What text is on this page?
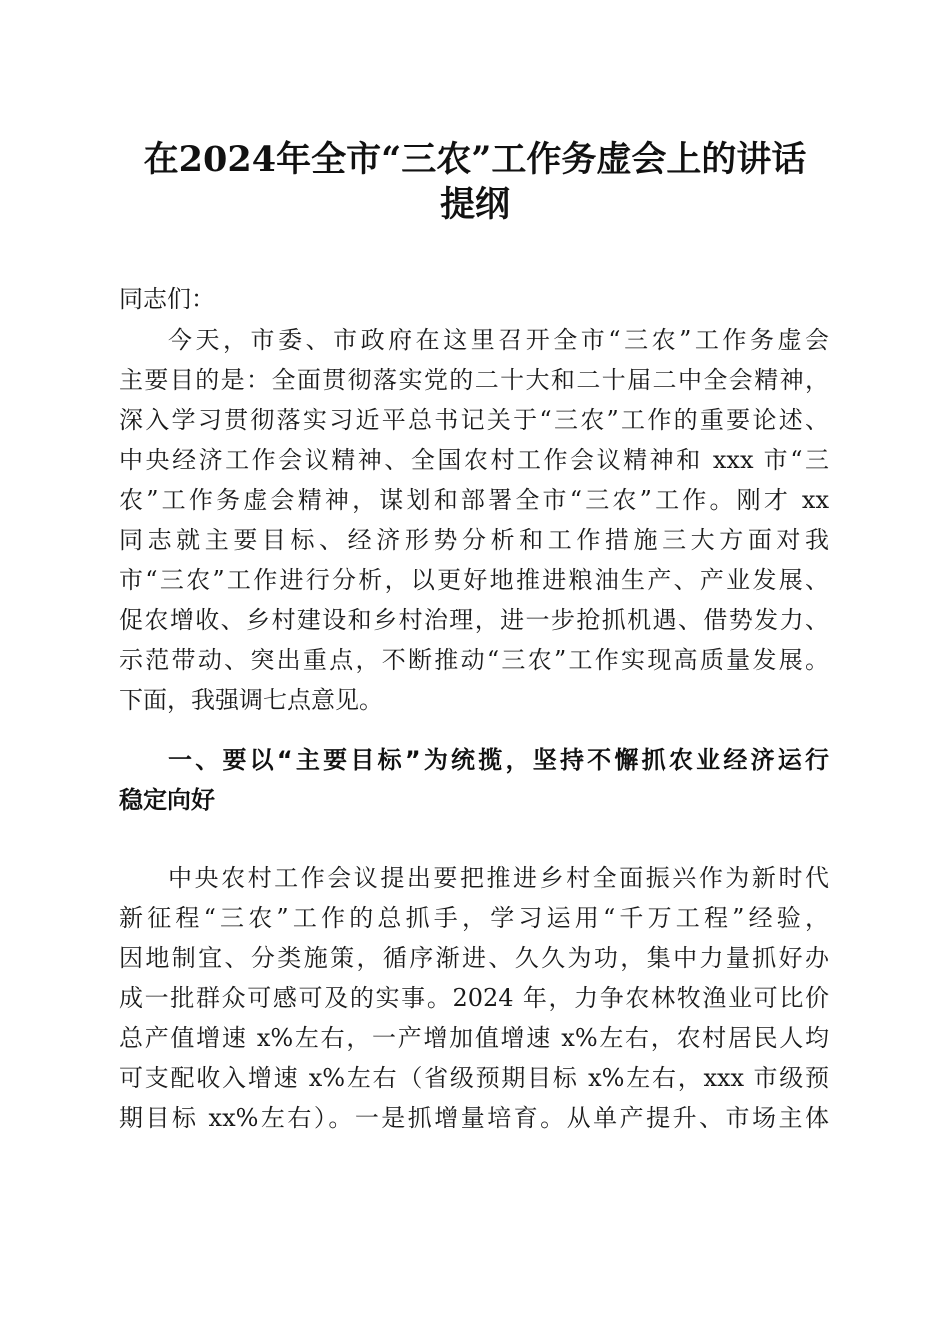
在2024年全市“三农”工作务虚会上的讲话
提纲
同志们：
今天，市委、市政府在这里召开全市“三农”工作务虚会
主要目的是：全面贯彻落实党的二十大和二十届二中全会精神，
深入学习贯彻落实习近平总书记关于“三农”工作的重要论述、
中央经济工作会议精神、全国农村工作会议精神和 xxx 市“三
农”工作务虚会精神，谋划和部署全市“三农”工作。刚才 xx
同志就主要目标、经济形势分析和工作措施三大方面对我
市“三农”工作进行分析，以更好地推进粮油生产、产业发展、
促农增收、乡村建设和乡村治理，进一步抢抓机遇、借势发力、
示范带动、突出重点，不断推动“三农”工作实现高质量发展。
下面，我强调七点意见。
一、要以“主要目标”为统揽，坚持不懈抓农业经济运行
稳定向好
中央农村工作会议提出要把推进乡村全面振兴作为新时代
新征程“三农”工作的总抓手，学习运用“千万工程”经验，
因地制宜、分类施策，循序渐进、久久为功，集中力量抓好办
成一批群众可感可及的实事。2024 年，力争农林牧渔业可比价
总产值增速 x%左右，一产增加值增速 x%左右，农村居民人均
可支配收入增速 x%左右（省级预期目标 x%左右，xxx 市级预
期目标 xx%左右）。一是抓增量培育。从单产提升、市场主体
